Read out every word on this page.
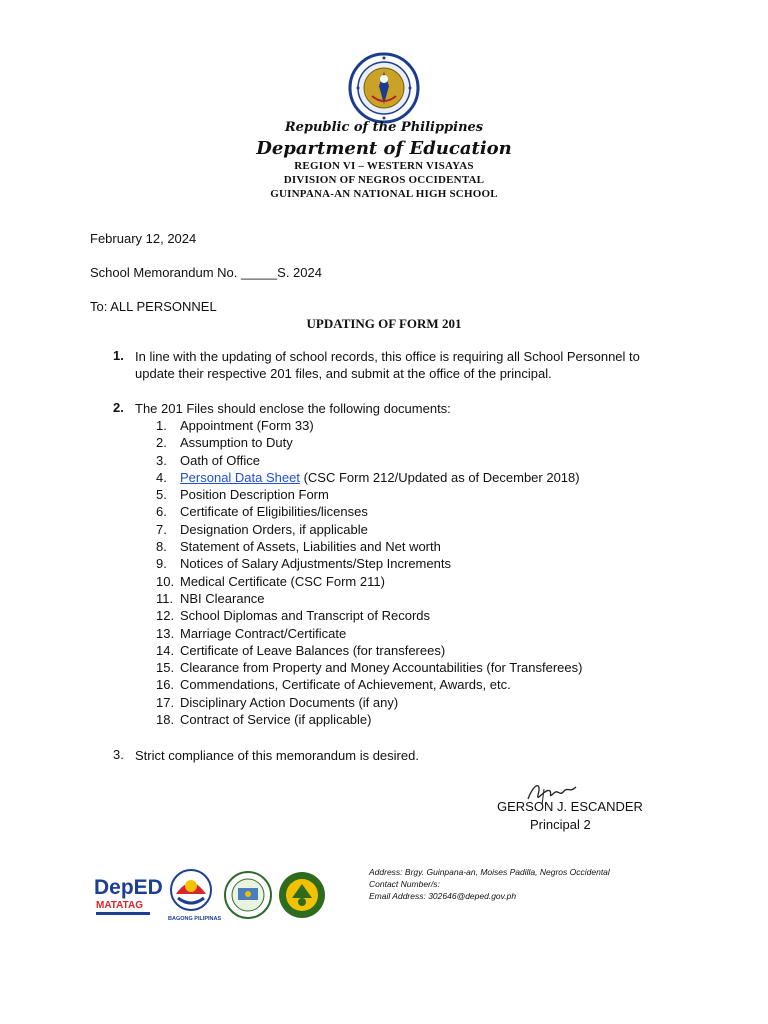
Republic of the Philippines
Department of Education
REGION VI – WESTERN VISAYAS
DIVISION OF NEGROS OCCIDENTAL
GUINPANA-AN NATIONAL HIGH SCHOOL
February 12, 2024
School Memorandum No. _____S. 2024
To: ALL PERSONNEL
UPDATING OF FORM 201
1. In line with the updating of school records, this office is requiring all School Personnel to
update their respective 201 files, and submit at the office of the principal.
2. The 201 Files should enclose the following documents:
1. Appointment (Form 33)
2. Assumption to Duty
3. Oath of Office
4. Personal Data Sheet (CSC Form 212/Updated as of December 2018)
5. Position Description Form
6. Certificate of Eligibilities/licenses
7. Designation Orders, if applicable
8. Statement of Assets, Liabilities and Net worth
9. Notices of Salary Adjustments/Step Increments
10. Medical Certificate (CSC Form 211)
11. NBI Clearance
12. School Diplomas and Transcript of Records
13. Marriage Contract/Certificate
14. Certificate of Leave Balances (for transferees)
15. Clearance from Property and Money Accountabilities (for Transferees)
16. Commendations, Certificate of Achievement, Awards, etc.
17. Disciplinary Action Documents (if any)
18. Contract of Service (if applicable)
3. Strict compliance of this memorandum is desired.
GERSON J. ESCANDER
Principal 2
DepED
MATATAG
BAGONG PILIPINAS
Address: Brgy. Guinpana-an, Moises Padilla, Negros Occidental
Contact Number/s:
Email Address: 302646@deped.gov.ph
